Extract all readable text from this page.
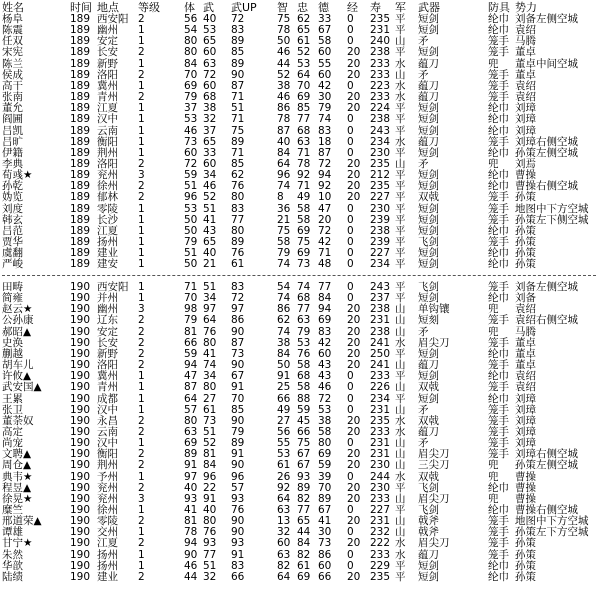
姓名	时间 地点 等级 体 武 武UP 智 忠 德 经 寿 军 武器	防具 势力
杨阜	189 西安阳 2	56 40 72	75 62 33 0 235 平 短剑	纶巾 刘备左侧空城
陈震	189 幽州 1	54 53 83	78 65 67 0 231 平 短剑	纶巾 袁绍
任双	189 安定 1	80 65 89	50 61 58 0 240 山 矛	笼手 马腾
宋宪	189 长安 2	80 60 85	46 52 60 20 238 平 短剑	笼手 董卓
陈兰	189 新野 1	84 63 89	44 53 55 20 233 水 蕴刀	兜 董卓中间空城
侯成	189 洛阳 2	70 72 90	52 64 60 20 233 山 矛	笼手 董卓
高干	189 冀州 1	69 60 87	38 70 42 0 223 水 蕴刀	笼手 袁绍
张南	189 青州 2	79 68 71	46 69 30 20 233 水 蕴刀	笼手 袁绍
董允	189 江夏 1	37 38 51	86 85 79 20 224 平 短剑	纶巾 刘璋
阎圃	189 汉中 1	53 32 71	78 77 74 0 238 平 短剑	纶巾 刘璋
吕凯	189 云南 1	46 37 75	87 68 83 0 243 平 短剑	纶巾 刘璋
吕旷	189 衡阳 1	73 65 89	40 63 18 0 234 水 蕴刀	笼手 刘璋右侧空城
伊籍	189 荆州 1	60 33 71	84 71 87 0 230 平 短剑	纶巾 孙策左侧空城
李典	189 洛阳 2	72 60 85	64 78 72 20 235 山 矛	兜 刘焉
荀彧★	189 兖州 3	59 34 62	96 92 94 20 212 平 短剑	纶巾 曹操
孙乾	189 徐州 2	51 46 76	74 71 92 20 235 平 短剑	纶巾 曹操右侧空城
妫览	189 郁林 2	96 52 80	8 49 10 20 227 平 双戟	笼手 孙策
刘度	189 零陵 1	53 51 83	36 58 47 0 230 平 短剑	笼手 地图中下方空城
韩玄	189 长沙 1	50 41 77	21 58 20 0 239 平 短剑	笼手 孙策左下侧空城
吕范	189 江夏 1	50 43 80	75 69 72 0 238 平 短剑	纶巾 孙策
贾华	189 扬州 1	79 65 89	58 75 42 0 239 平 飞剑	笼手 孙策
虞翻	189 建业 1	51 40 76	79 69 71 0 227 平 短剑	纶巾 孙策
严峻	189 建安 1	50 21 61	74 73 48 0 234 平 短剑	纶巾 孙策
田畴	190 西安阳 1	71 51 83	54 74 77 0 243 平 飞剑	笼手 刘备左侧空城
简雍	190 并州 1	70 34 72	74 68 84 0 237 平 短剑	纶巾 刘备
赵云★	190 幽州 3	98 97 97	86 77 94 20 238 山 单钩镶	兜 袁绍
公孙康	190 辽东 2	79 64 86	62 63 69 20 231 山 短刻	笼手 袁绍右侧空城
郝昭▲	190 安定 2	81 76 90	74 79 83 20 238 山 矛	兜 马腾
史涣	190 长安 2	66 80 87	38 53 42 20 241 水 眉尖刀	笼手 董卓
蒯越	190 新野 2	59 41 73	84 76 60 20 250 平 短剑	纶巾 董卓
胡车儿	190 洛阳 2	94 74 90	50 58 43 20 241 山 蕴刀	笼手 董卓
许攸▲	190 冀州 1	47 34 67	91 68 43 0 233 平 短剑	纶巾 袁绍
武安国▲	190 青州 1	87 80 91	25 58 46 0 226 山 双戟	笼手 袁绍
王累	190 成都 1	64 27 70	66 88 72 0 234 平 短剑	纶巾 刘璋
张卫	190 汉中 1	57 61 85	49 59 53 0 231 山 矛	笼手 刘璋
董荼奴	190 永昌 2	80 73 90	27 45 38 20 235 水 双戟	笼手 刘璋
高定	190 云南 2	63 51 79	56 66 58 20 233 水 蕴刀	笼手 刘璋
尚宠	190 汉中 1	69 52 89	55 75 80 0 231 山 矛	笼手 刘璋
文聘▲	190 衡阳 2	89 81 91	53 67 69 20 231 山 眉尖刀	笼手 刘璋右侧空城
周仓▲	190 荆州 2	91 84 90	61 67 59 20 230 山 三尖刀	兜 孙策左侧空城
典韦★	190 予州 1	97 96 96	26 93 39 0 244 水 双戟	兜 曹操
程昱▲	190 兖州 2	40 22 57	92 89 70 20 230 平 飞剑	纶巾 曹操
徐晃★	190 兖州 3	93 91 93	64 82 89 20 233 山 眉尖刀	兜 曹操
糜竺	190 徐州 1	41 40 76	63 77 67 0 227 平 飞剑	纶巾 曹操右侧空城
邢道荣▲	190 零陵 2	81 80 90	13 65 41 20 231 山 戟斧	笼手 地图中下方空城
谭雄	190 交州 1	78 76 90	32 44 30 0 232 山 戟斧	笼手 孙策左下方空城
甘宁★	190 江夏 2	94 93 93	60 84 73 20 222 水 眉尖刀	笼手 孙策
朱然	190 扬州 1	90 77 91	63 82 86 0 233 水 蕴刀	笼手 孙策
华歆	190 扬州 1	46 51 83	82 61 60 0 229 平 短剑	纶巾 孙策
陆绩	190 建业 2	44 32 66	64 69 66 20 235 平 短剑	纶巾 孙策
